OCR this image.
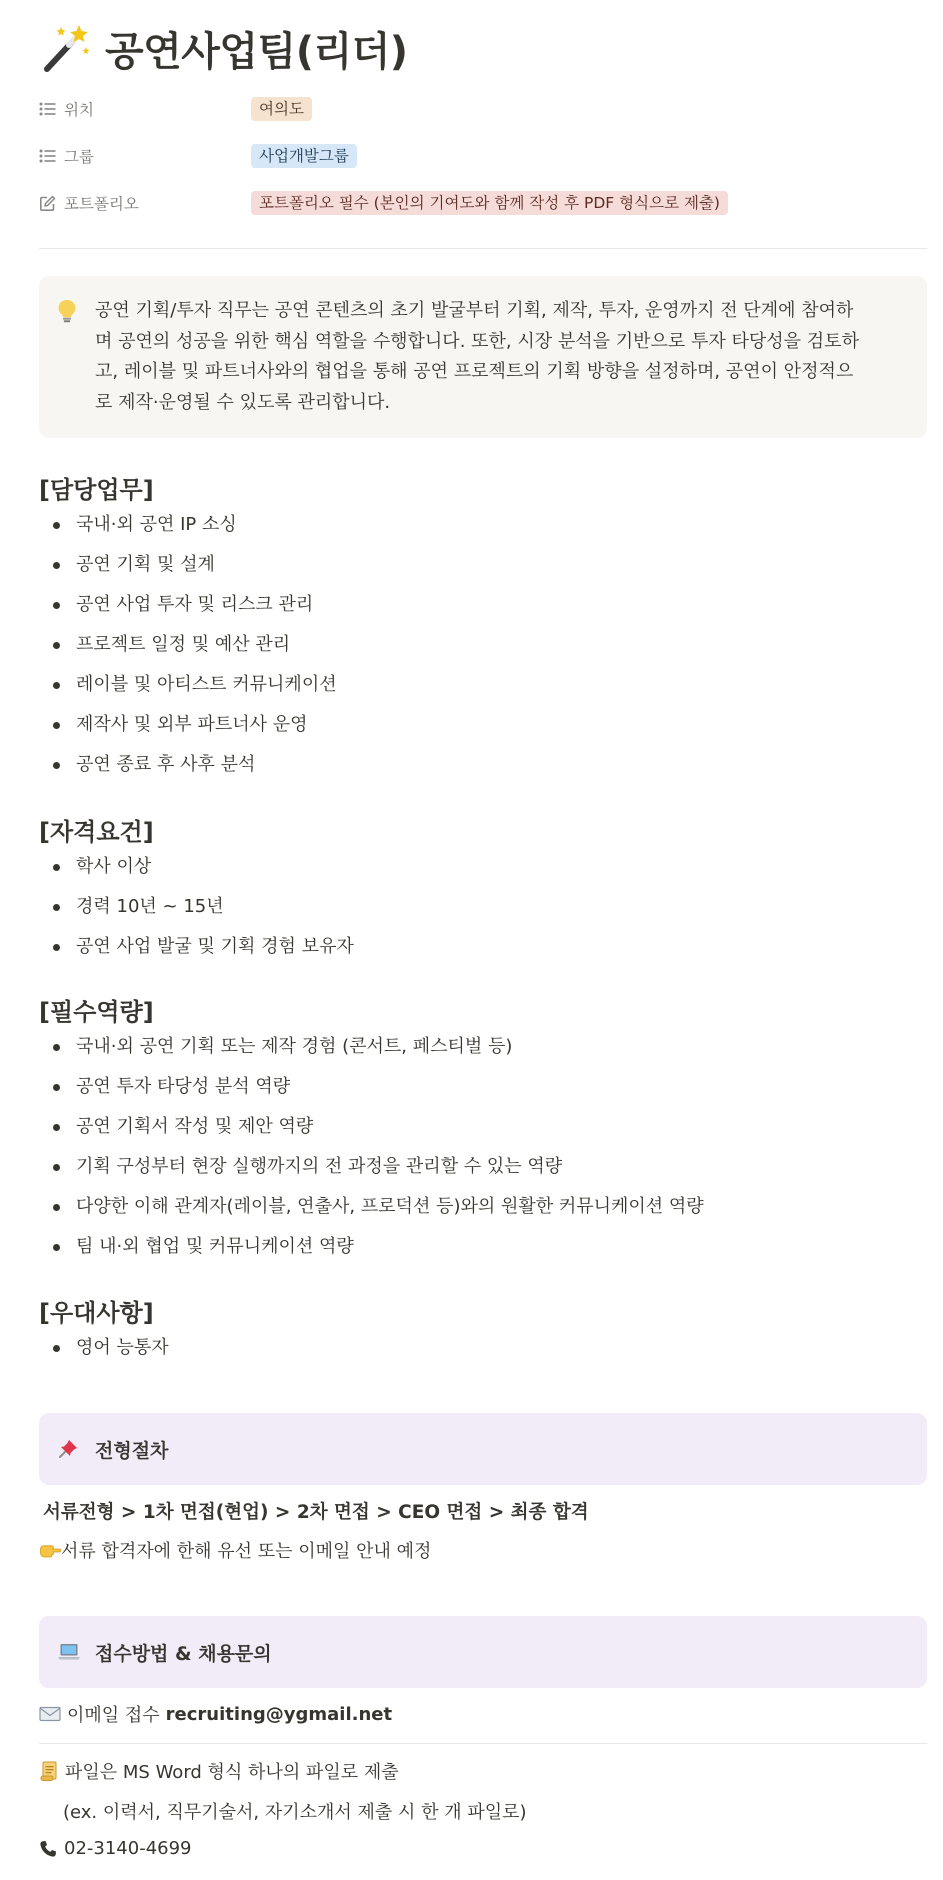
공연사업팀(리더)
위치	여의도
그룹	사업개발그룹
포트폴리오	포트폴리오 필수 (본인의 기여도와 함께 작성 후 PDF 형식으로 제출)
공연 기획/투자 직무는 공연 콘텐츠의 초기 발굴부터 기획, 제작, 투자, 운영까지 전 단계에 참여하
며 공연의 성공을 위한 핵심 역할을 수행합니다. 또한, 시장 분석을 기반으로 투자 타당성을 검토하
고, 레이블 및 파트너사와의 협업을 통해 공연 프로젝트의 기획 방향을 설정하며, 공연이 안정적으
로 제작·운영될 수 있도록 관리합니다.
[담당업무]
국내·외 공연 IP 소싱
공연 기획 및 설계
공연 사업 투자 및 리스크 관리
프로젝트 일정 및 예산 관리
레이블 및 아티스트 커뮤니케이션
제작사 및 외부 파트너사 운영
공연 종료 후 사후 분석
[자격요건]
학사 이상
경력 10년 ~ 15년
공연 사업 발굴 및 기획 경험 보유자
[필수역량]
국내·외 공연 기획 또는 제작 경험 (콘서트, 페스티벌 등)
공연 투자 타당성 분석 역량
공연 기획서 작성 및 제안 역량
기획 구성부터 현장 실행까지의 전 과정을 관리할 수 있는 역량
다양한 이해 관계자(레이블, 연출사, 프로덕션 등)와의 원활한 커뮤니케이션 역량
팀 내·외 협업 및 커뮤니케이션 역량
[우대사항]
영어 능통자
전형절차
서류전형 > 1차 면접(현업) > 2차 면접 > CEO 면접 > 최종 합격
서류 합격자에 한해 유선 또는 이메일 안내 예정
접수방법 & 채용문의
이메일 접수 recruiting@ygmail.net
파일은 MS Word 형식 하나의 파일로 제출
(ex. 이력서, 직무기술서, 자기소개서 제출 시 한 개 파일로)
02-3140-4699
